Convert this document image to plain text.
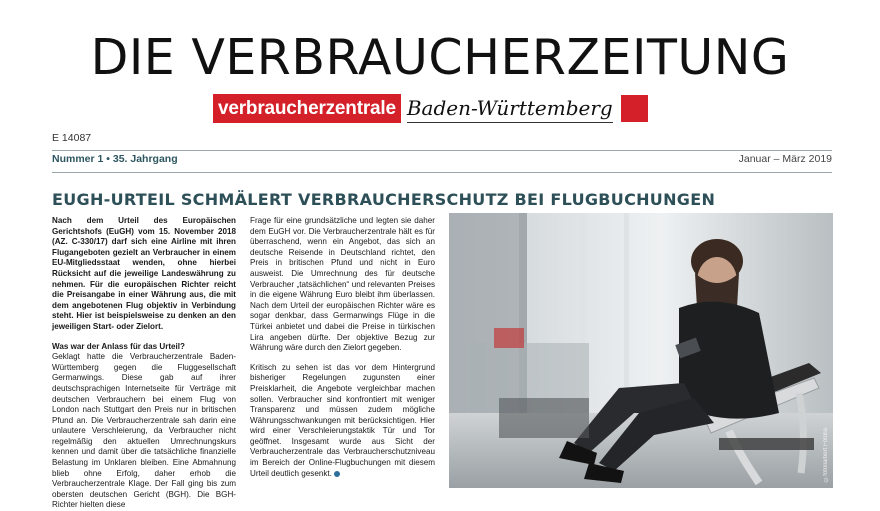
DIE VERBRAUCHERZEITUNG
verbraucherzentrale Baden-Württemberg
E 14087
Nummer 1 • 35. Jahrgang	Januar – März 2019
EUGH-URTEIL SCHMÄLERT VERBRAUCHERSCHUTZ BEI FLUGBUCHUNGEN

Nach dem Urteil des Europäischen Gerichtshofs (EuGH) vom 15. November 2018 (AZ. C-330/17) darf sich eine Airline mit ihren Flugangeboten gezielt an Verbraucher in einem EU-Mitgliedsstaat wenden, ohne hierbei Rücksicht auf die jeweilige Landeswährung zu nehmen. Für die europäischen Richter reicht die Preisangabe in einer Währung aus, die mit dem angebotenen Flug objektiv in Verbindung steht. Hier ist beispielsweise zu denken an den jeweiligen Start- oder Zielort.

Was war der Anlass für das Urteil?

Geklagt hatte die Verbraucherzentrale Baden-Württemberg gegen die Fluggesellschaft Germanwings. Diese gab auf ihrer deutschsprachigen Internetseite für Verträge mit deutschen Verbrauchern bei einem Flug von London nach Stuttgart den Preis nur in britischen Pfund an. Die Verbraucherzentrale sah darin eine unlautere Verschleierung, da Verbraucher nicht regelmäßig den aktuellen Umrechnungskurs kennen und damit über die tatsächliche finanzielle Belastung im Unklaren bleiben. Eine Abmahnung blieb ohne Erfolg, daher erhob die Verbraucherzentrale Klage. Der Fall ging bis zum obersten deutschen Gericht (BGH). Die BGH-Richter hielten diese

Frage für eine grundsätzliche und legten sie daher dem EuGH vor. Die Verbraucherzentrale hält es für überraschend, wenn ein Angebot, das sich an deutsche Reisende in Deutschland richtet, den Preis in britischen Pfund und nicht in Euro ausweist. Die Umrechnung des für deutsche Verbraucher „tatsächlichen“ und relevanten Preises in die eigene Währung Euro bleibt ihm überlassen. Nach dem Urteil der europäischen Richter wäre es sogar denkbar, dass Germanwings Flüge in die Türkei anbietet und dabei die Preise in türkischen Lira angeben dürfte. Der objektive Bezug zur Währung wäre durch den Zielort gegeben.

Kritisch zu sehen ist das vor dem Hintergrund bisheriger Regelungen zugunsten einer Preisklarheit, die Angebote vergleichbar machen sollen. Verbraucher sind konfrontiert mit weniger Transparenz und müssen zudem mögliche Währungsschwankungen mit berücksichtigen. Hier wird einer Verschleierungstaktik Tür und Tor geöffnet. Insgesamt wurde aus Sicht der Verbraucherzentrale das Verbraucherschutzniveau im Bereich der Online-Flugbuchungen mit diesem Urteil deutlich gesenkt.	©fotolia/bert Fotolia
